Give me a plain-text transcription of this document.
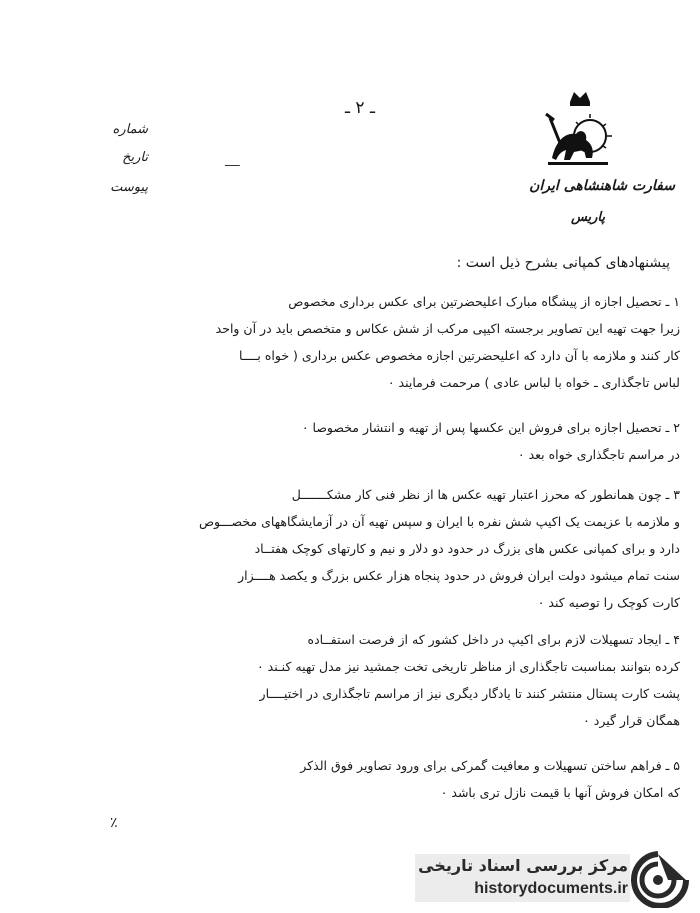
ـ ۲ ـ
شماره
تاریخ
پیوست
ـــــ
سفارت شاهنشاهی ایران
پاریس
پیشنهادهای کمپانی بشرح ذیل است :

۱ ـ تحصیل اجازه از پیشگاه مبارک اعلیحضرتین برای عکس برداری مخصوص

زیرا جهت تهیه این تصاویر برجسته اکیپی مرکب از شش عکاس و متخصص باید در آن واحد

کار کنند و ملازمه با آن دارد که اعلیحضرتین اجازه مخصوص عکس برداری ( خواه بــــا

لباس تاجگذاری ـ خواه با لباس عادی ) مرحمت فرمایند ٠

۲ ـ تحصیل اجازه برای فروش این عکسها پس از تهیه و انتشار مخصوصا ٠

در مراسم تاجگذاری خواه بعد ٠

۳ ـ چون همانطور که محرز اعتبار تهیه عکس ها از نظر فنی کار مشکـــــــل

و ملازمه با عزیمت یک اکیپ شش نفره با ایران و سپس تهیه آن در آزمایشگاههای مخصـــوص

دارد و برای کمپانی عکس های بزرگ در حدود دو دلار و نیم و کارتهای کوچک هفتــاد

سنت تمام میشود دولت ایران فروش در حدود پنجاه هزار عکس بزرگ و یکصد هــــزار

کارت کوچک را توصیه کند ٠

۴ ـ ایجاد تسهیلات لازم برای اکیپ در داخل کشور که از فرصت استفــاده

کرده بتوانند بمناسبت تاجگذاری از مناظر تاریخی تخت جمشید نیز مدل تهیه کنـند ٠

پشت کارت پستال منتشر کنند تا یادگار دیگری نیز از مراسم تاجگذاری در اختیــــار

همگان قرار گیرد ٠

۵ ـ فراهم ساختن تسهیلات و معافیت گمرکی برای ورود تصاویر فوق الذکر

که امکان فروش آنها با قیمت نازل تری باشد ٠

٪
مرکز بررسی اسناد تاریخی
historydocuments.ir
